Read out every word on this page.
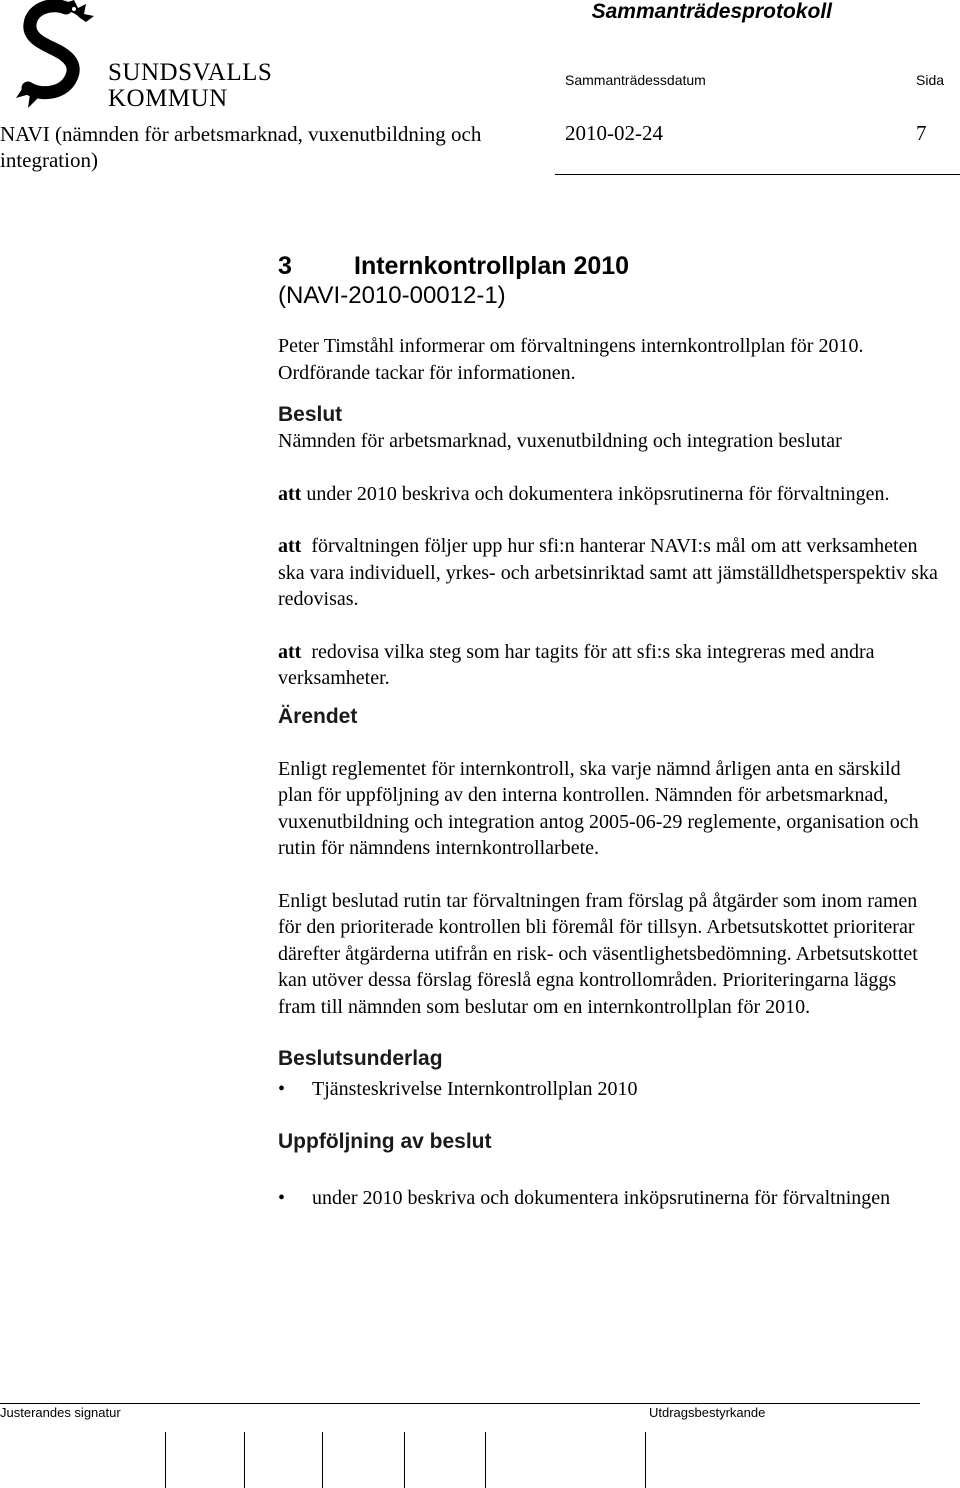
SUNDSVALLS
KOMMUN
Sammanträdesprotokoll
Sammanträdessdatum	Sida
NAVI (nämnden för arbetsmarknad, vuxenutbildning och integration)
2010-02-24	7
3 Internkontrollplan 2010
(NAVI-2010-00012-1)

Peter Timståhl informerar om förvaltningens internkontrollplan för 2010.

Ordförande tackar för informationen.

Beslut

Nämnden för arbetsmarknad, vuxenutbildning och integration beslutar

att under 2010 beskriva och dokumentera inköpsrutinerna för förvaltningen.

att förvaltningen följer upp hur sfi:n hanterar NAVI:s mål om att verksamheten ska vara individuell, yrkes- och arbetsinriktad samt att jämställdhetsperspektiv ska redovisas.

att redovisa vilka steg som har tagits för att sfi:s ska integreras med andra verksamheter.

Ärendet

Enligt reglementet för internkontroll, ska varje nämnd årligen anta en särskild plan för uppföljning av den interna kontrollen. Nämnden för arbetsmarknad, vuxenutbildning och integration antog 2005-06-29 reglemente, organisation och rutin för nämndens internkontrollarbete.

Enligt beslutad rutin tar förvaltningen fram förslag på åtgärder som inom ramen för den prioriterade kontrollen bli föremål för tillsyn. Arbetsutskottet prioriterar därefter åtgärderna utifrån en risk- och väsentlighetsbedömning. Arbetsutskottet kan utöver dessa förslag föreslå egna kontrollområden. Prioriteringarna läggs fram till nämnden som beslutar om en internkontrollplan för 2010.

Beslutsunderlag
•	Tjänsteskrivelse Internkontrollplan 2010
Uppföljning av beslut
•	under 2010 beskriva och dokumentera inköpsrutinerna för förvaltningen
Justerandes signatur	Utdragsbestyrkande
